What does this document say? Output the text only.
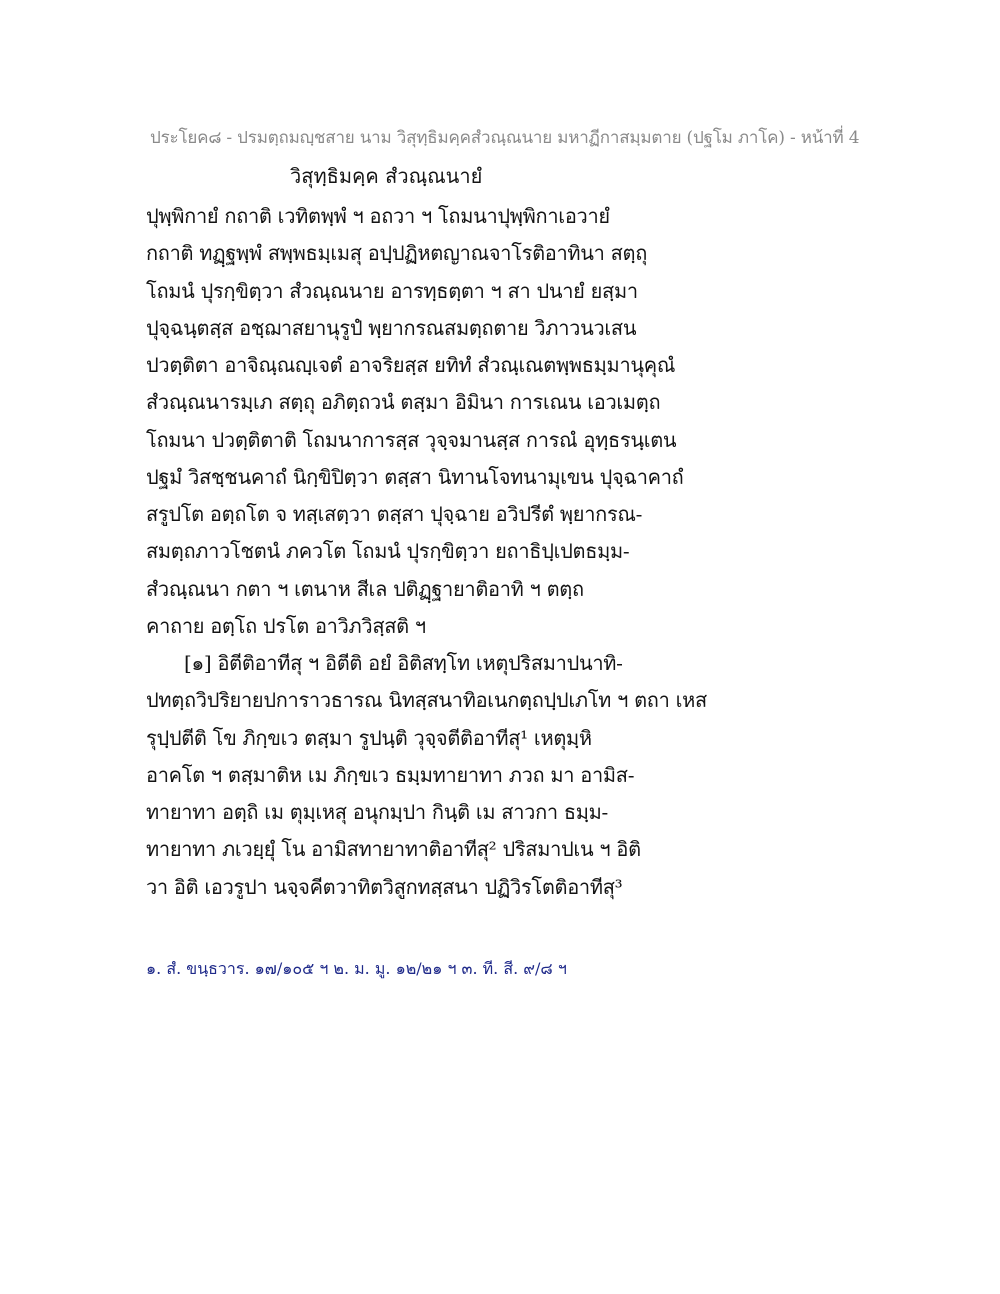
ประโยค๘ - ปรมตฺถมญฺชสาย นาม วิสุทฺธิมคฺคสํวณฺณนาย มหาฏีกาสมฺมตาย (ปฐโม ภาโค) - หน้าที่ 4
วิสุทฺธิมคฺค สํวณฺณนายํ
ปุพฺพิกายํ กถาติ เวทิตพฺพํ ฯ อถวา ฯ โถมนาปุพฺพิกาเอวายํ
กถาติ ทฏฺฐพฺพํ สพฺพธมฺเมสุ อปฺปฏิหตญาณจาโรติอาทินา สตฺถุ
โถมนํ ปุรกฺขิตฺวา สํวณฺณนาย อารทฺธตฺตา ฯ สา ปนายํ ยสฺมา
ปุจฺฉนฺตสฺส อชฺฌาสยานุรูปํ พฺยากรณสมตฺถตาย วิภาวนวเสน
ปวตฺติตา อาจิณฺณญฺเจตํ อาจริยสฺส ยทิทํ สํวณฺเณตพฺพธมฺมานุคุณํ
สํวณฺณนารมฺเภ สตฺถุ อภิตฺถวนํ ตสฺมา อิมินา การเณน เอวเมตฺถ
โถมนา ปวตฺติตาติ โถมนาการสฺส วุจฺจมานสฺส การณํ อุทฺธรนฺเตน
ปฐมํ วิสชฺชนคาถํ นิกฺขิปิตฺวา ตสฺสา นิทานโจทนามุเขน ปุจฺฉาคาถํ
สรูปโต อตฺถโต จ ทสฺเสตฺวา ตสฺสา ปุจฺฉาย อวิปรีตํ พฺยากรณ-
สมตฺถภาวโชตนํ ภควโต โถมนํ ปุรกฺขิตฺวา ยถาธิปฺเปตธมฺม-
สํวณฺณนา กตา ฯ เตนาห สีเล ปติฏฺฐายาติอาทิ ฯ ตตฺถ
คาถาย อตฺโถ ปรโต อาวิภวิสฺสติ ฯ
[๑] อิตีติอาทีสุ ฯ อิตีติ อยํ อิติสทฺโท เหตุปริสมาปนาทิ-
ปทตฺถวิปริยายปการาวธารณ นิทสฺสนาทิอเนกตฺถปฺปเภโท ฯ ตถา เหส
รุปฺปตีติ โข ภิกฺขเว ตสฺมา รูปนฺติ วุจฺจตีติอาทีสุ¹ เหตุมฺหิ
อาคโต ฯ ตสฺมาติห เม ภิกฺขเว ธมฺมทายาทา ภวถ มา อามิส-
ทายาทา อตฺถิ เม ตุมฺเหสุ อนุกมฺปา กินฺติ เม สาวกา ธมฺม-
ทายาทา ภเวยฺยุํ โน อามิสทายาทาติอาทีสุ² ปริสมาปเน ฯ อิติ
วา อิติ เอวรูปา นจฺจคีตวาทิตวิสูกทสฺสนา ปฏิวิรโตติอาทีสุ³
๑. สํ. ขนฺธวาร. ๑๗/๑๐๕ ฯ ๒. ม. มู. ๑๒/๒๑ ฯ ๓. ที. สี. ๙/๘ ฯ
